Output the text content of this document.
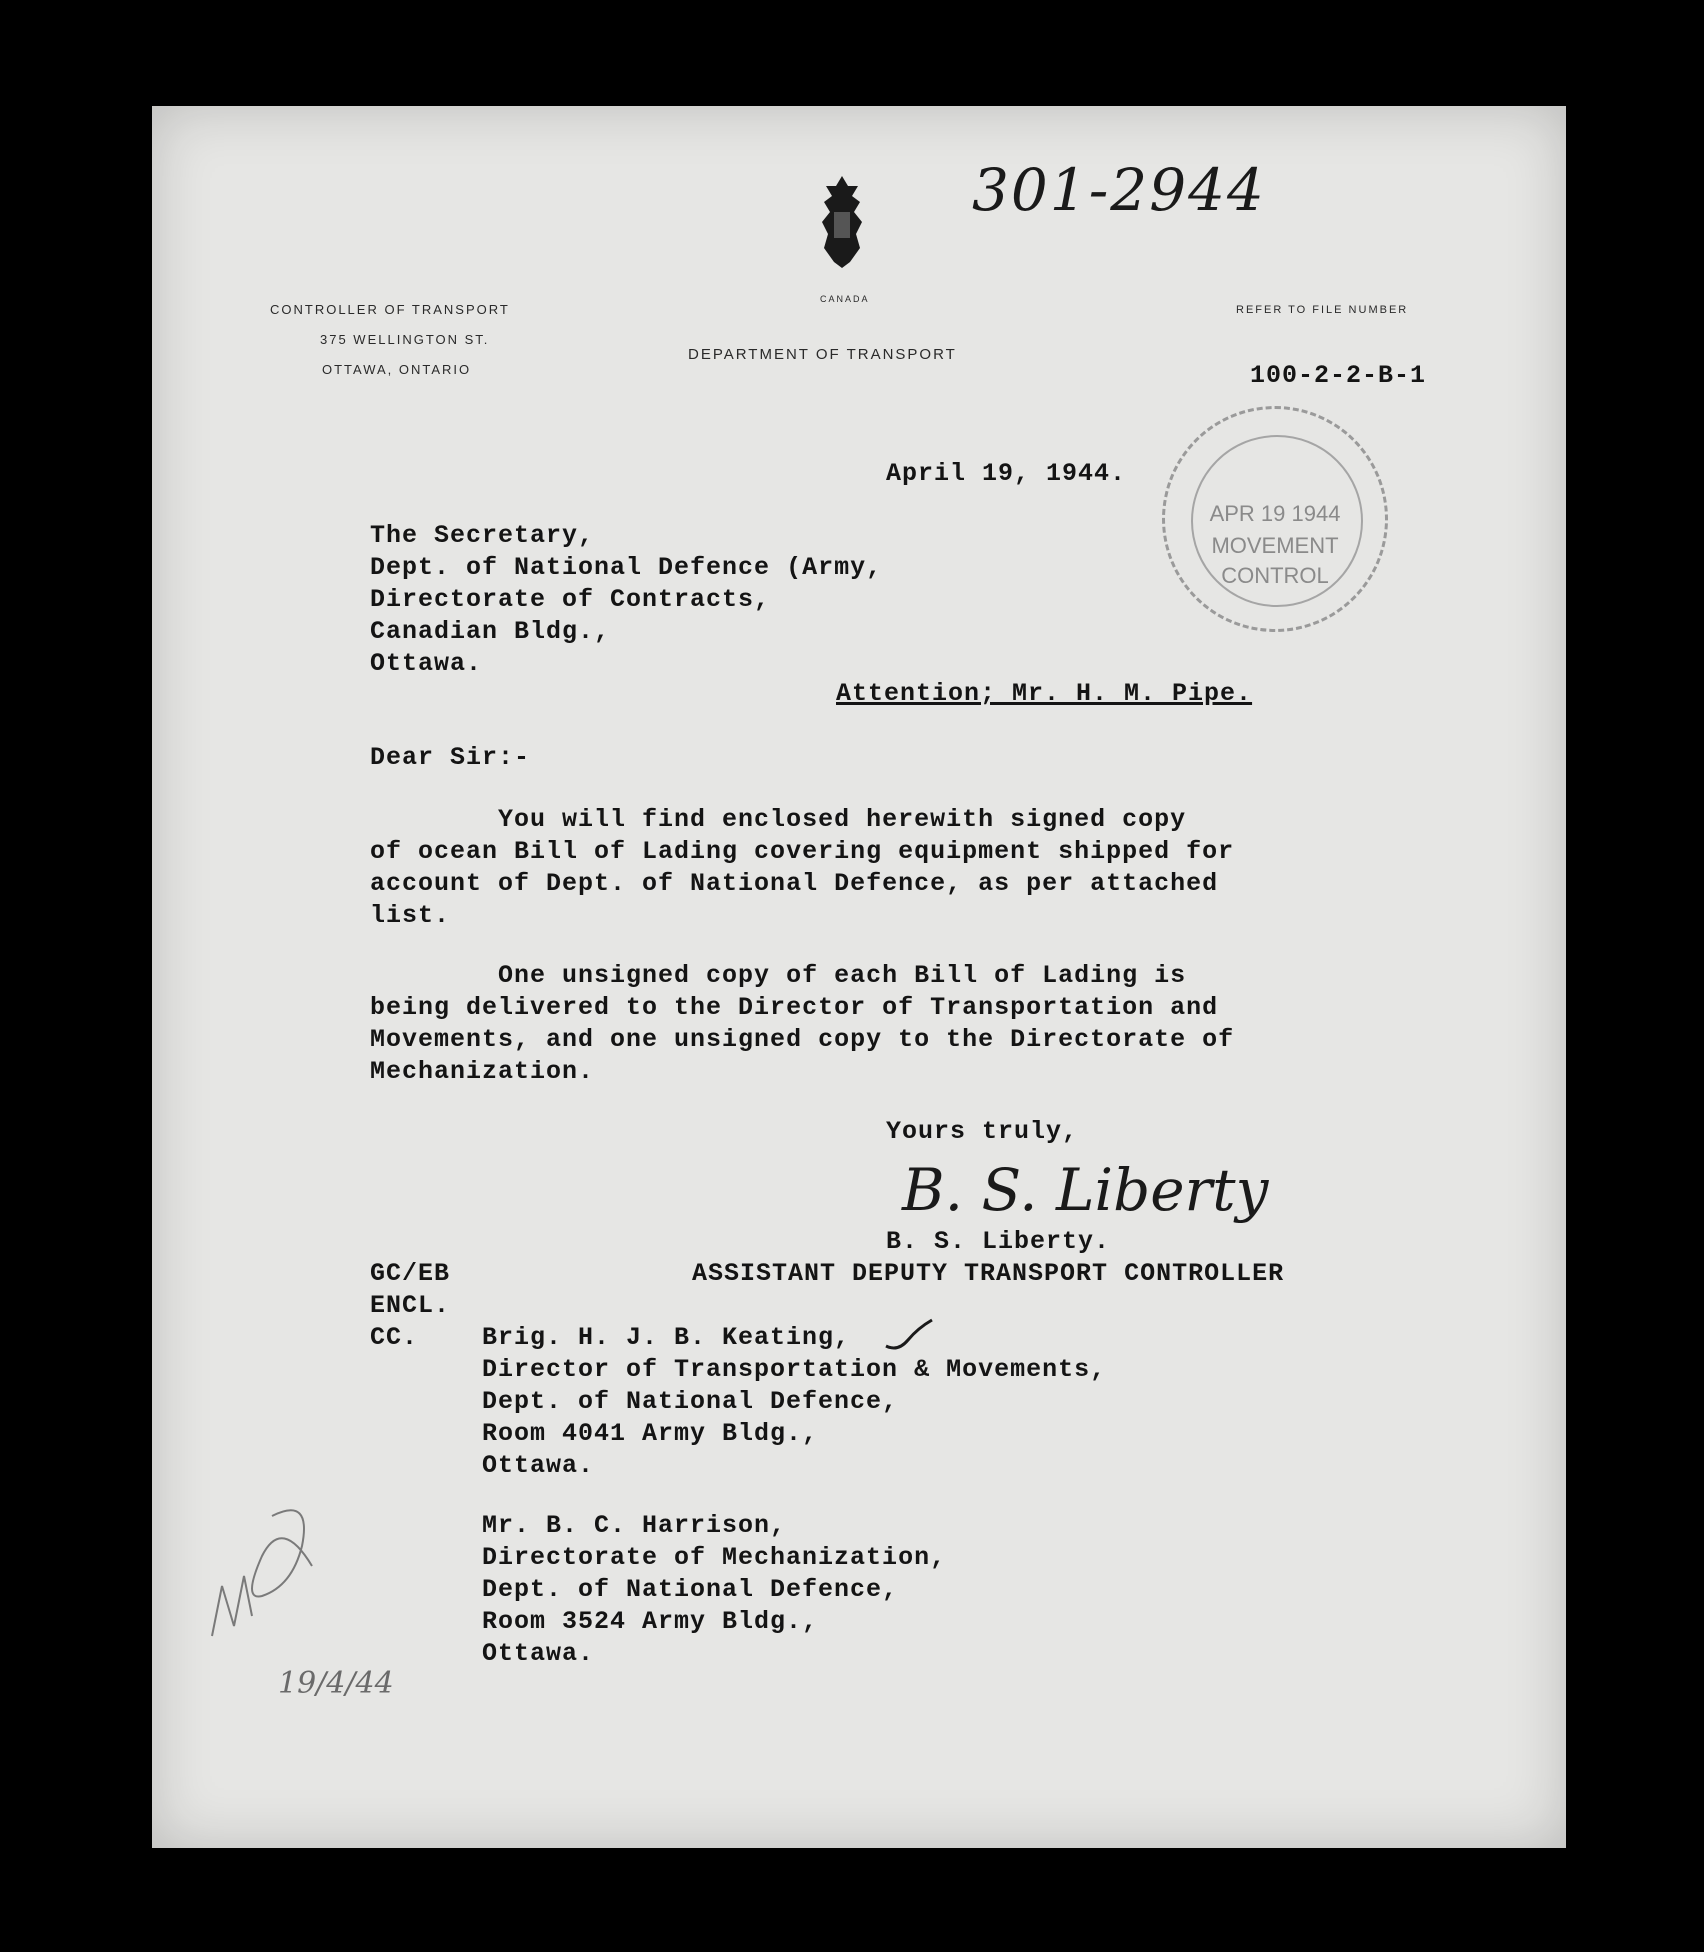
301-2944
CANADA
CONTROLLER OF TRANSPORT
375 WELLINGTON ST.
OTTAWA, ONTARIO
DEPARTMENT OF TRANSPORT
REFER TO FILE NUMBER
100-2-2-B-1
APR 19 1944
MOVEMENT
CONTROL
April 19, 1944.
The Secretary,
Dept. of National Defence (Army,
Directorate of Contracts,
Canadian Bldg.,
Ottawa.
Attention; Mr. H. M. Pipe.
Dear Sir:-
You will find enclosed herewith signed copy
of ocean Bill of Lading covering equipment shipped for
account of Dept. of National Defence, as per attached
list.
One unsigned copy of each Bill of Lading is
being delivered to the Director of Transportation and
Movements, and one unsigned copy to the Directorate of
Mechanization.
Yours truly,
B. S. Liberty
B. S. Liberty.
ASSISTANT DEPUTY TRANSPORT CONTROLLER
GC/EB
ENCL.
CC.	Brig. H. J. B. Keating,
Director of Transportation & Movements,
Dept. of National Defence,
Room 4041 Army Bldg.,
Ottawa.
Mr. B. C. Harrison,
Directorate of Mechanization,
Dept. of National Defence,
Room 3524 Army Bldg.,
Ottawa.
19/4/44
